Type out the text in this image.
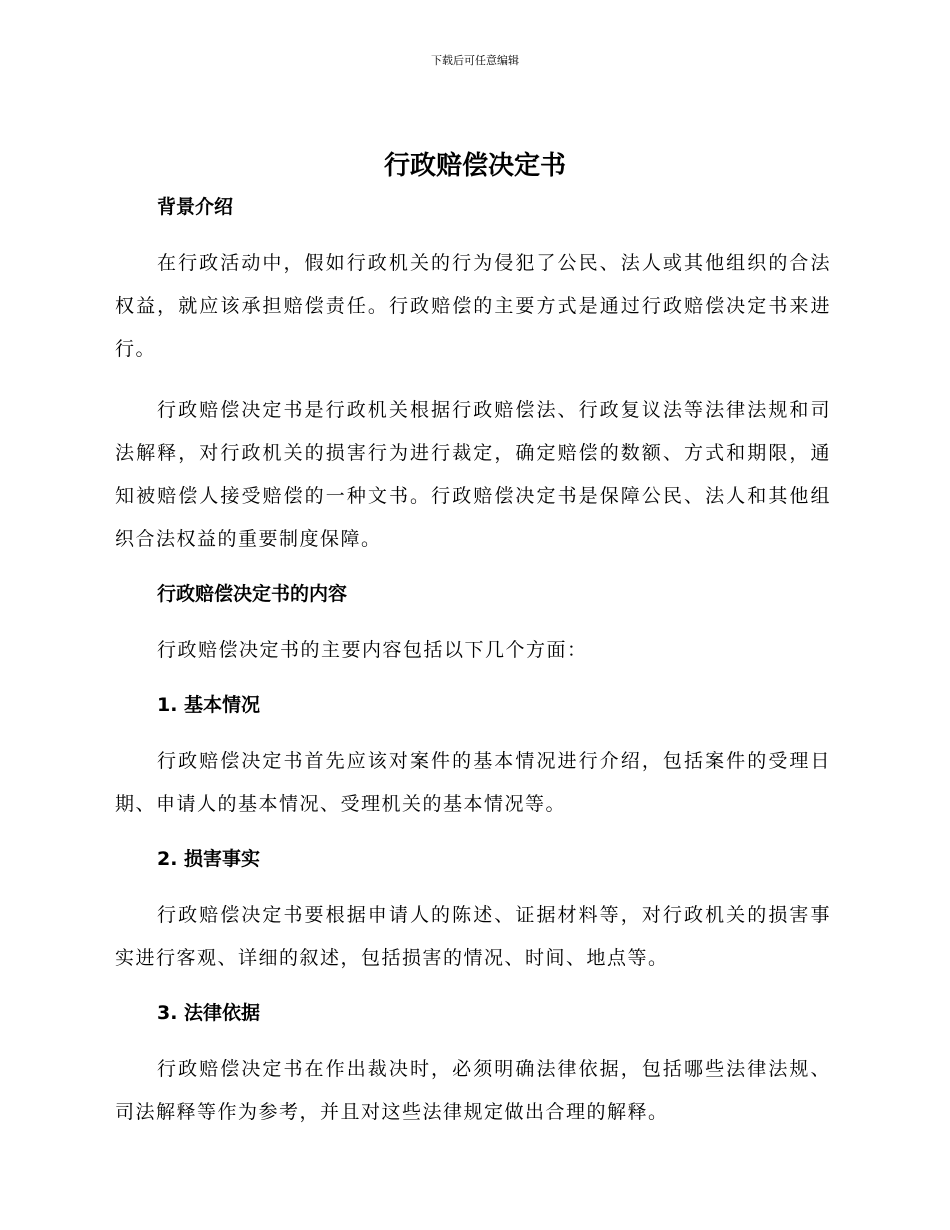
下载后可任意编辑
行政赔偿决定书

背景介绍

在行政活动中，假如行政机关的行为侵犯了公民、法人或其他组织的合法权益，就应该承担赔偿责任。行政赔偿的主要方式是通过行政赔偿决定书来进行。

行政赔偿决定书是行政机关根据行政赔偿法、行政复议法等法律法规和司法解释，对行政机关的损害行为进行裁定，确定赔偿的数额、方式和期限，通知被赔偿人接受赔偿的一种文书。行政赔偿决定书是保障公民、法人和其他组织合法权益的重要制度保障。

行政赔偿决定书的内容

行政赔偿决定书的主要内容包括以下几个方面：

1. 基本情况

行政赔偿决定书首先应该对案件的基本情况进行介绍，包括案件的受理日期、申请人的基本情况、受理机关的基本情况等。

2. 损害事实

行政赔偿决定书要根据申请人的陈述、证据材料等，对行政机关的损害事实进行客观、详细的叙述，包括损害的情况、时间、地点等。

3. 法律依据

行政赔偿决定书在作出裁决时，必须明确法律依据，包括哪些法律法规、司法解释等作为参考，并且对这些法律规定做出合理的解释。
